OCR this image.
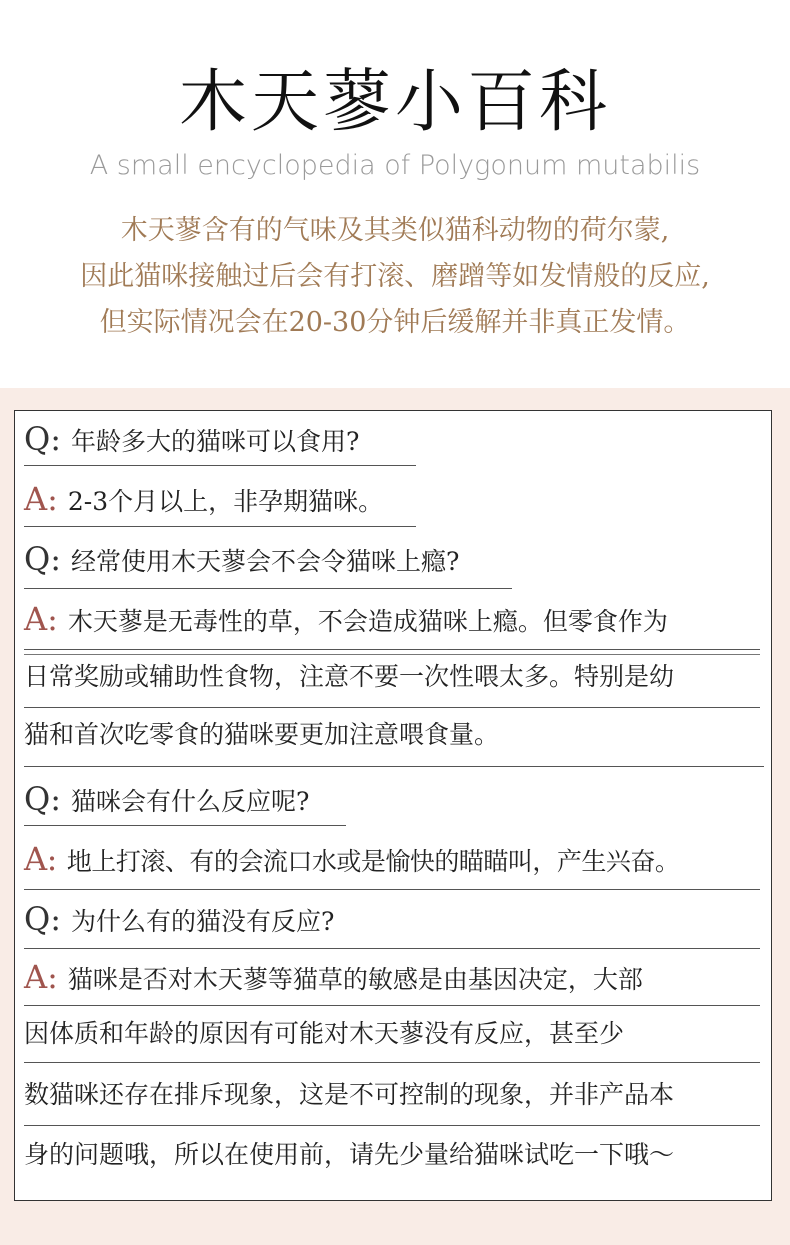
木天蓼小百科
A small encyclopedia of Polygonum mutabilis
木天蓼含有的气味及其类似猫科动物的荷尔蒙,
因此猫咪接触过后会有打滚、磨蹭等如发情般的反应,
但实际情况会在20-30分钟后缓解并非真正发情。
Q: 年龄多大的猫咪可以食用?
A: 2-3个月以上，非孕期猫咪。
Q: 经常使用木天蓼会不会令猫咪上瘾?
A: 木天蓼是无毒性的草，不会造成猫咪上瘾。但零食作为
日常奖励或辅助性食物，注意不要一次性喂太多。特别是幼
猫和首次吃零食的猫咪要更加注意喂食量。
Q: 猫咪会有什么反应呢?
A: 地上打滚、有的会流口水或是愉快的瞄瞄叫，产生兴奋。
Q: 为什么有的猫没有反应?
A: 猫咪是否对木天蓼等猫草的敏感是由基因决定，大部
因体质和年龄的原因有可能对木天蓼没有反应，甚至少
数猫咪还存在排斥现象，这是不可控制的现象，并非产品本
身的问题哦，所以在使用前，请先少量给猫咪试吃一下哦～
